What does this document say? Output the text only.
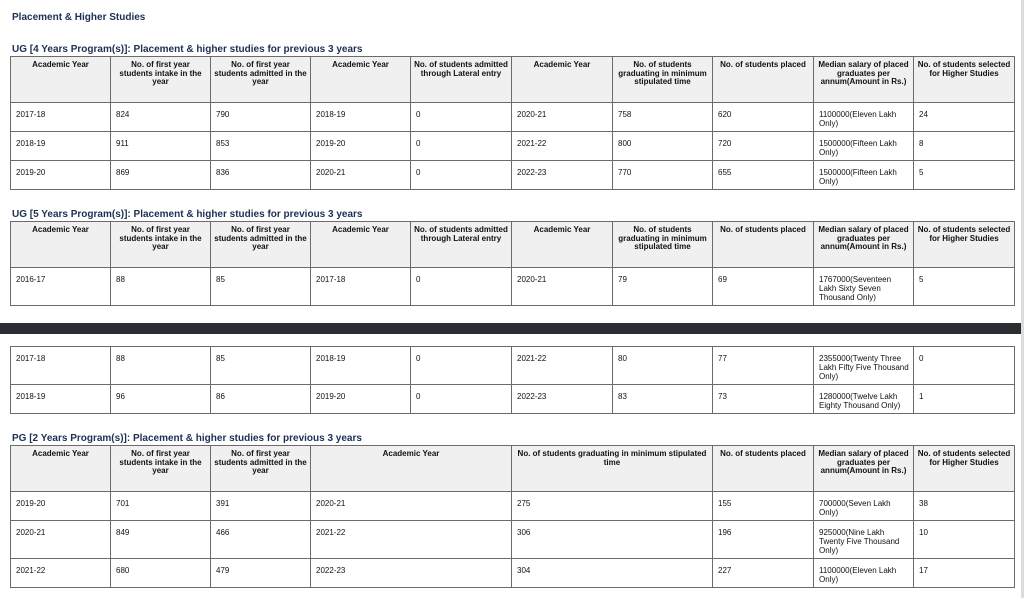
Placement & Higher Studies
UG [4 Years Program(s)]: Placement & higher studies for previous 3 years
Academic Year	No. of first year students intake in the year	No. of first year students admitted in the year	Academic Year	No. of students admitted through Lateral entry	Academic Year	No. of students graduating in minimum stipulated time	No. of students placed	Median salary of placed graduates per annum(Amount in Rs.)	No. of students selected for Higher Studies
2017-18	824	790	2018-19	0	2020-21	758	620	1100000(Eleven Lakh Only)	24
2018-19	911	853	2019-20	0	2021-22	800	720	1500000(Fifteen Lakh Only)	8
2019-20	869	836	2020-21	0	2022-23	770	655	1500000(Fifteen Lakh Only)	5
UG [5 Years Program(s)]: Placement & higher studies for previous 3 years
Academic Year	No. of first year students intake in the year	No. of first year students admitted in the year	Academic Year	No. of students admitted through Lateral entry	Academic Year	No. of students graduating in minimum stipulated time	No. of students placed	Median salary of placed graduates per annum(Amount in Rs.)	No. of students selected for Higher Studies
2016-17	88	85	2017-18	0	2020-21	79	69	1767000(Seventeen Lakh Sixty Seven Thousand Only)	5
2017-18	88	85	2018-19	0	2021-22	80	77	2355000(Twenty Three Lakh Fifty Five Thousand Only)	0
2018-19	96	86	2019-20	0	2022-23	83	73	1280000(Twelve Lakh Eighty Thousand Only)	1
PG [2 Years Program(s)]: Placement & higher studies for previous 3 years
Academic Year	No. of first year students intake in the year	No. of first year students admitted in the year	Academic Year	No. of students graduating in minimum stipulated time	No. of students placed	Median salary of placed graduates per annum(Amount in Rs.)	No. of students selected for Higher Studies
2019-20	701	391	2020-21	275	155	700000(Seven Lakh Only)	38
2020-21	849	466	2021-22	306	196	925000(Nine Lakh Twenty Five Thousand Only)	10
2021-22	680	479	2022-23	304	227	1100000(Eleven Lakh Only)	17
